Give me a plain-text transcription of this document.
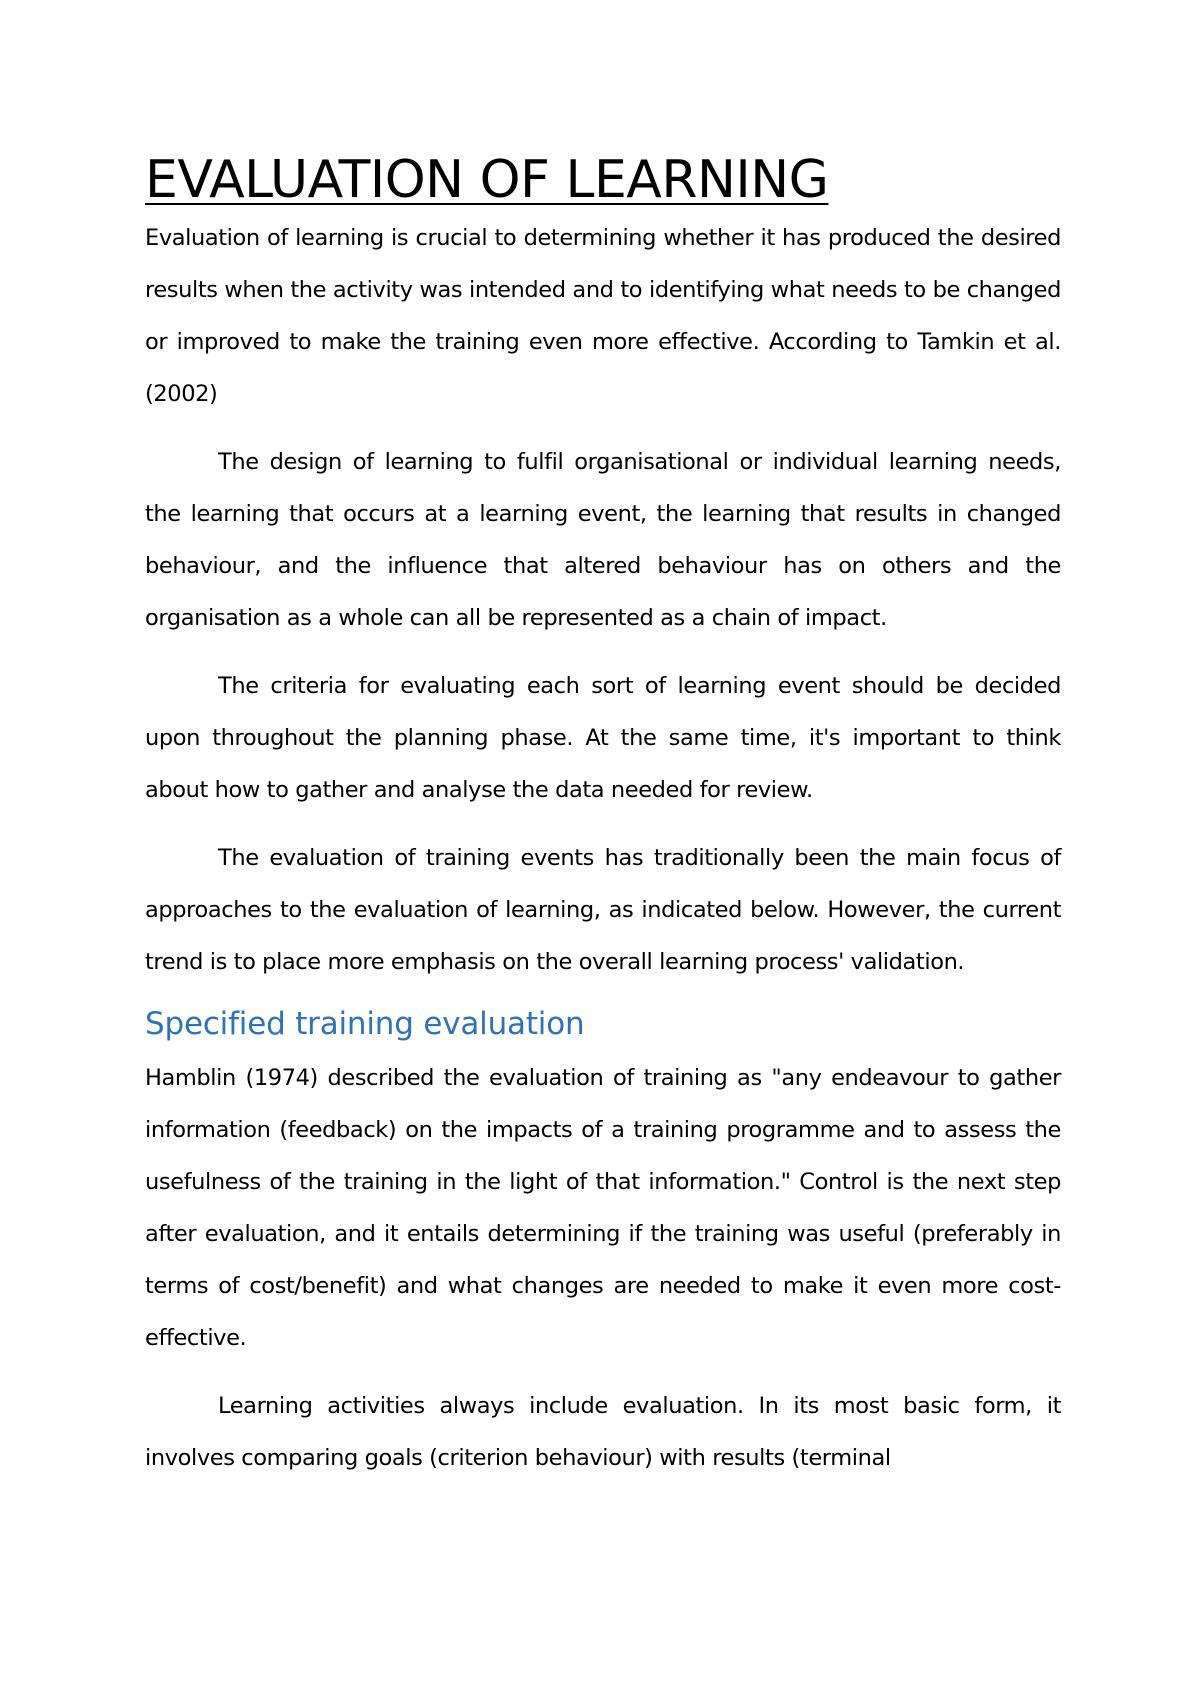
EVALUATION OF LEARNING

Evaluation of learning is crucial to determining whether it has produced the desired results when the activity was intended and to identifying what needs to be changed or improved to make the training even more effective. According to Tamkin et al. (2002)

The design of learning to fulfil organisational or individual learning needs, the learning that occurs at a learning event, the learning that results in changed behaviour, and the influence that altered behaviour has on others and the organisation as a whole can all be represented as a chain of impact.

The criteria for evaluating each sort of learning event should be decided upon throughout the planning phase. At the same time, it's important to think about how to gather and analyse the data needed for review.

The evaluation of training events has traditionally been the main focus of approaches to the evaluation of learning, as indicated below. However, the current trend is to place more emphasis on the overall learning process' validation.

Specified training evaluation

Hamblin (1974) described the evaluation of training as "any endeavour to gather information (feedback) on the impacts of a training programme and to assess the usefulness of the training in the light of that information." Control is the next step after evaluation, and it entails determining if the training was useful (preferably in terms of cost/benefit) and what changes are needed to make it even more cost-effective.

Learning activities always include evaluation. In its most basic form, it involves comparing goals (criterion behaviour) with results (terminal
